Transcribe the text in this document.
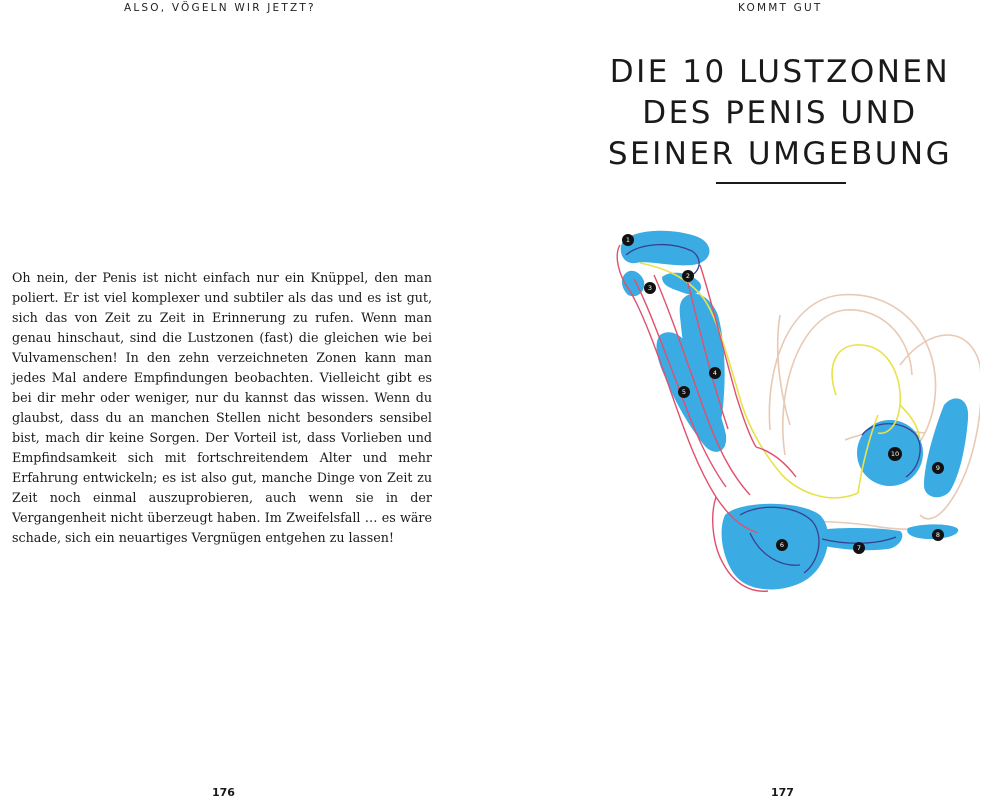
ALSO, VÖGELN WIR JETZT?

Oh nein, der Penis ist nicht einfach nur ein Knüppel, den man poliert. Er ist viel komplexer und subtiler als das und es ist gut, sich das von Zeit zu Zeit in Erinnerung zu rufen. Wenn man genau hinschaut, sind die Lustzonen (fast) die gleichen wie bei Vulvamenschen! In den zehn verzeichneten Zonen kann man jedes Mal andere Empfindungen beobachten. Vielleicht gibt es bei dir mehr oder weniger, nur du kannst das wissen. Wenn du glaubst, dass du an manchen Stellen nicht besonders sensibel bist, mach dir keine Sorgen. Der Vorteil ist, dass Vorlieben und Empfindsamkeit sich mit fortschreitendem Alter und mehr Erfahrung entwickeln; es ist also gut, manche Dinge von Zeit zu Zeit noch einmal auszuprobieren, auch wenn sie in der Vergangenheit nicht überzeugt haben. Im Zweifelsfall … es wäre schade, sich ein neuartiges Vergnügen entgehen zu lassen!

176
KOMMT GUT
DIE 10 LUSTZONEN
DES PENIS UND
SEINER UMGEBUNG
1
2
3
4
5
6	7
8
9
10
177
